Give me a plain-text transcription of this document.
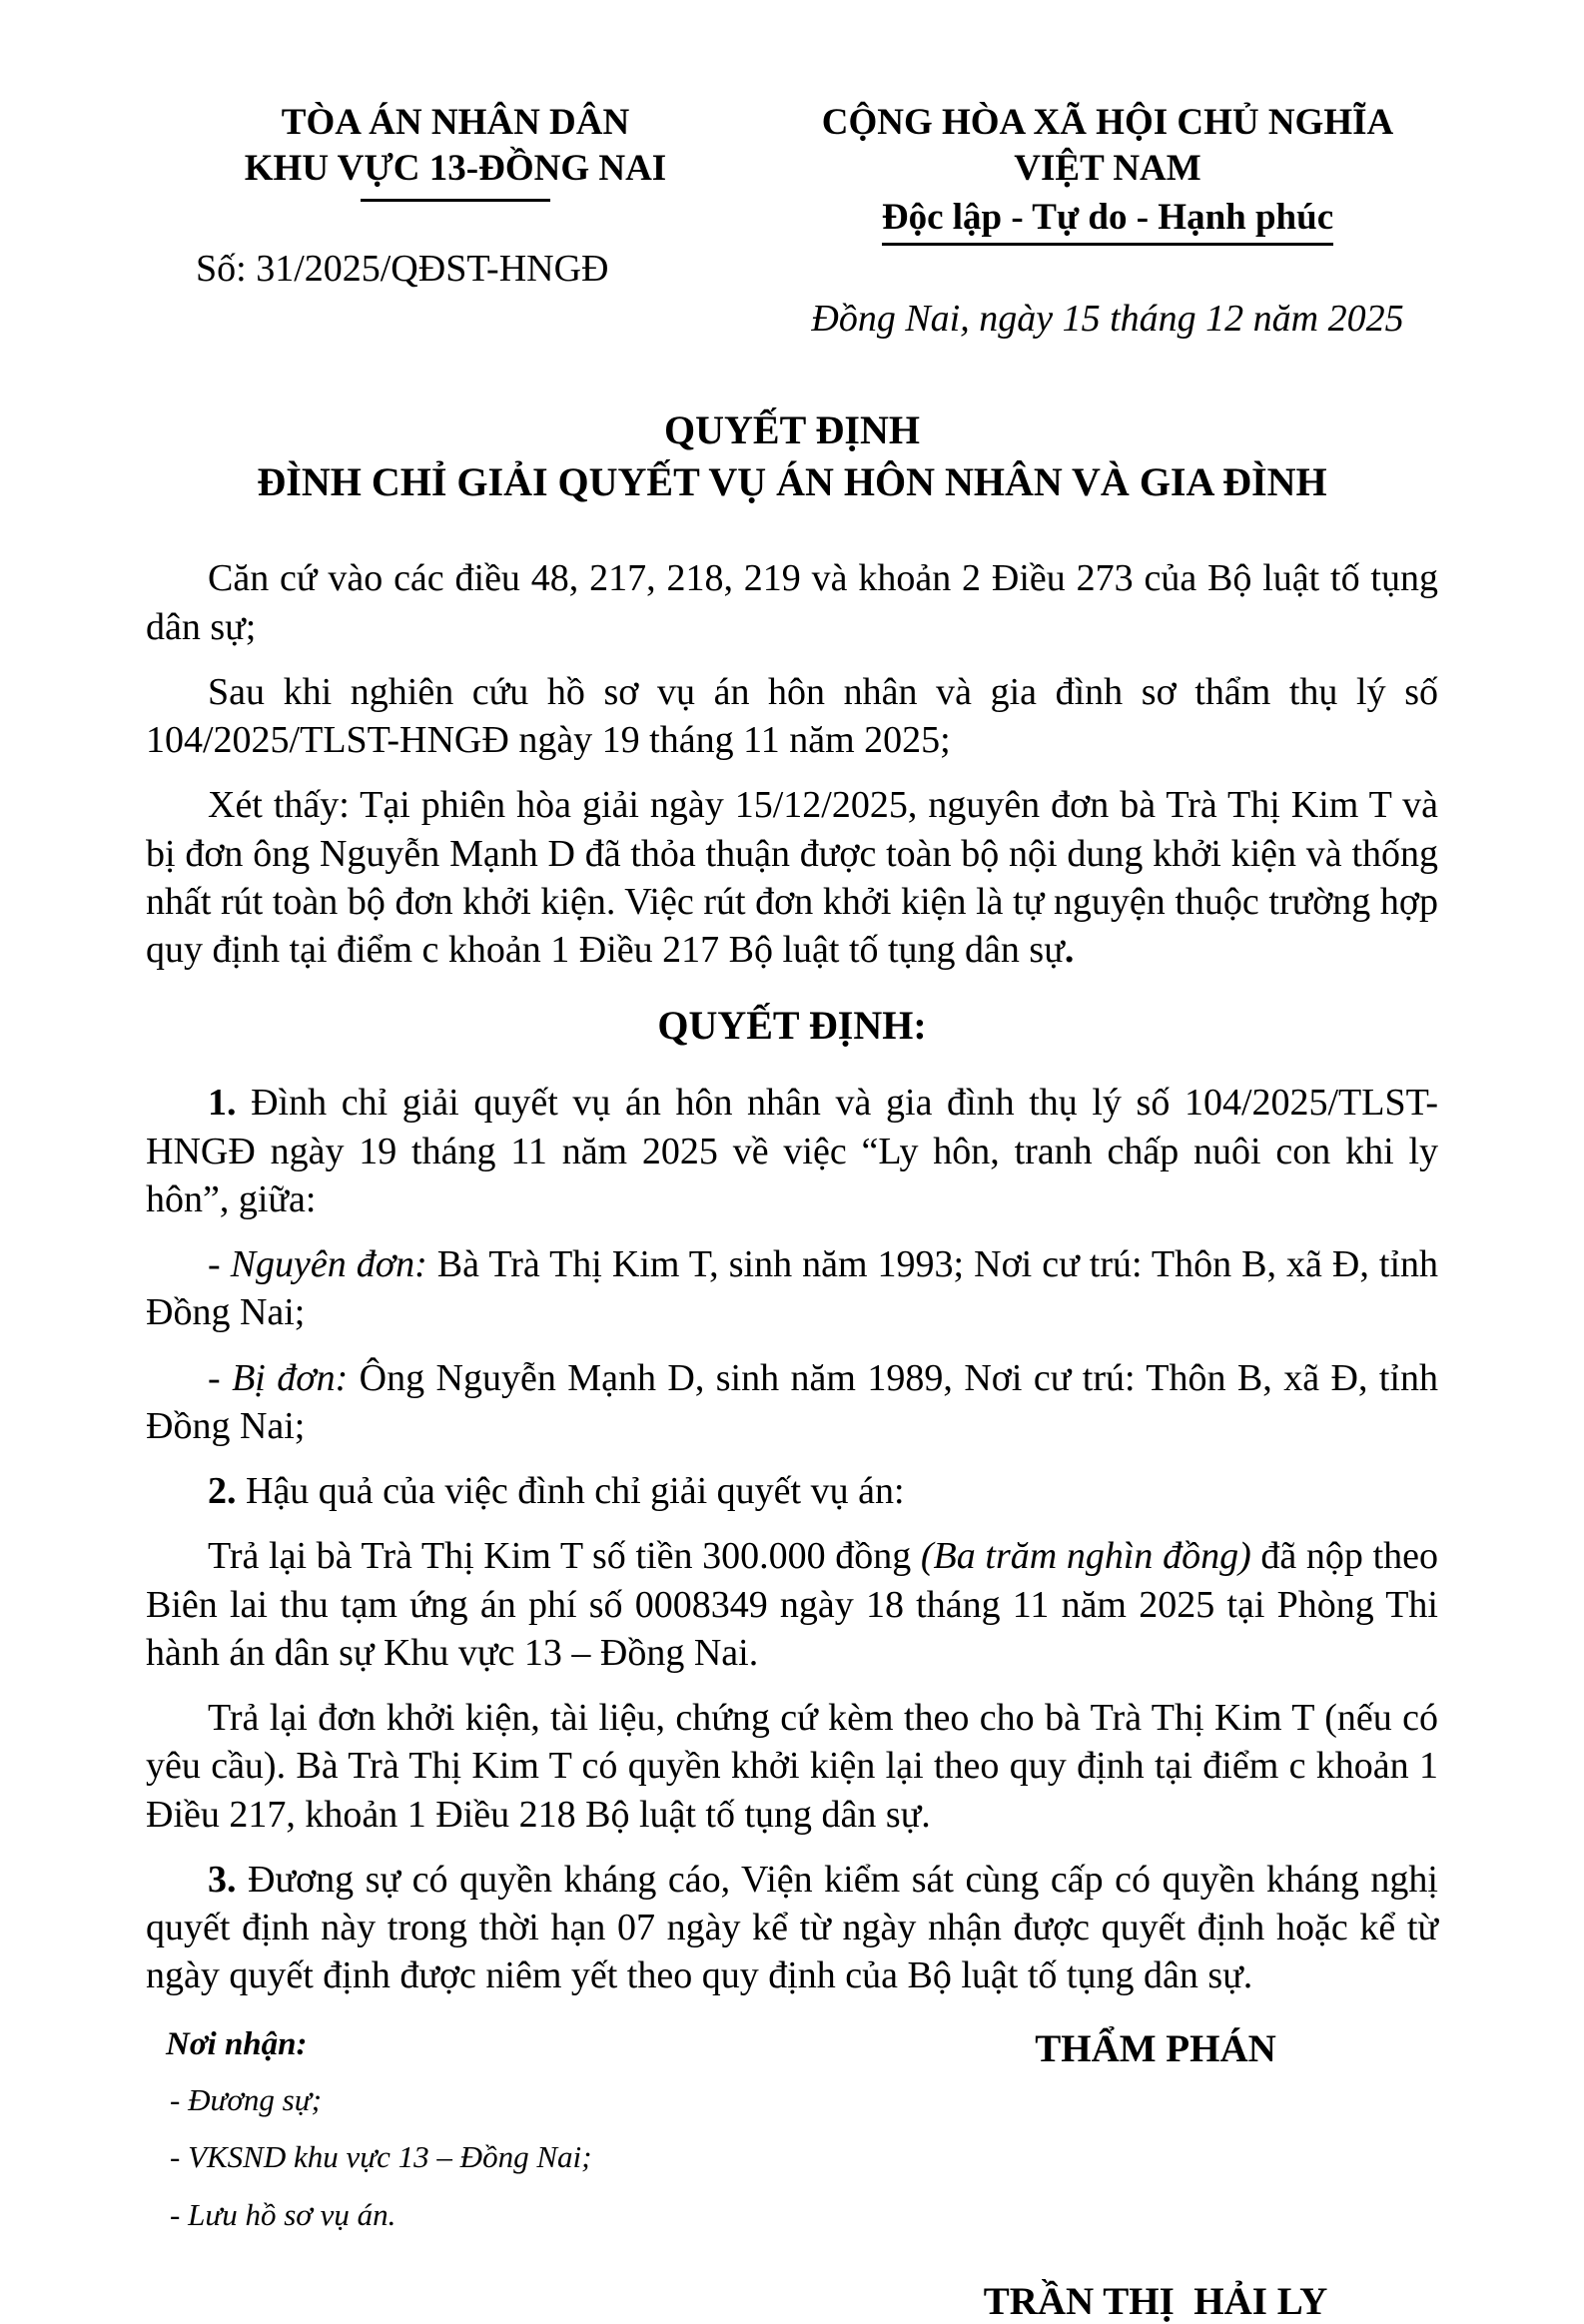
TÒA ÁN NHÂN DÂN
KHU VỰC 13-ĐỒNG NAI
Số: 31/2025/QĐST-HNGĐ
CỘNG HÒA XÃ HỘI CHỦ NGHĨA VIỆT NAM
Độc lập - Tự do - Hạnh phúc
Đồng Nai, ngày 15 tháng 12 năm 2025
QUYẾT ĐỊNH
ĐÌNH CHỈ GIẢI QUYẾT VỤ ÁN HÔN NHÂN VÀ GIA ĐÌNH

Căn cứ vào các điều 48, 217, 218, 219 và khoản 2 Điều 273 của Bộ luật tố tụng dân sự;

Sau khi nghiên cứu hồ sơ vụ án hôn nhân và gia đình sơ thẩm thụ lý số 104/2025/TLST-HNGĐ ngày 19 tháng 11 năm 2025;

Xét thấy: Tại phiên hòa giải ngày 15/12/2025, nguyên đơn bà Trà Thị Kim T và bị đơn ông Nguyễn Mạnh D đã thỏa thuận được toàn bộ nội dung khởi kiện và thống nhất rút toàn bộ đơn khởi kiện. Việc rút đơn khởi kiện là tự nguyện thuộc trường hợp quy định tại điểm c khoản 1 Điều 217 Bộ luật tố tụng dân sự.

QUYẾT ĐỊNH:

1. Đình chỉ giải quyết vụ án hôn nhân và gia đình thụ lý số 104/2025/TLST-HNGĐ ngày 19 tháng 11 năm 2025 về việc “Ly hôn, tranh chấp nuôi con khi ly hôn”, giữa:

- Nguyên đơn: Bà Trà Thị Kim T, sinh năm 1993; Nơi cư trú: Thôn B, xã Đ, tỉnh Đồng Nai;

- Bị đơn: Ông Nguyễn Mạnh D, sinh năm 1989, Nơi cư trú: Thôn B, xã Đ, tỉnh Đồng Nai;

2. Hậu quả của việc đình chỉ giải quyết vụ án:

Trả lại bà Trà Thị Kim T số tiền 300.000 đồng (Ba trăm nghìn đồng) đã nộp theo Biên lai thu tạm ứng án phí số 0008349 ngày 18 tháng 11 năm 2025 tại Phòng Thi hành án dân sự Khu vực 13 – Đồng Nai.

Trả lại đơn khởi kiện, tài liệu, chứng cứ kèm theo cho bà Trà Thị Kim T (nếu có yêu cầu). Bà Trà Thị Kim T có quyền khởi kiện lại theo quy định tại điểm c khoản 1 Điều 217, khoản 1 Điều 218 Bộ luật tố tụng dân sự.

3. Đương sự có quyền kháng cáo, Viện kiểm sát cùng cấp có quyền kháng nghị quyết định này trong thời hạn 07 ngày kể từ ngày nhận được quyết định hoặc kể từ ngày quyết định được niêm yết theo quy định của Bộ luật tố tụng dân sự.

Nơi nhận:
- Đương sự;
- VKSND khu vực 13 – Đồng Nai;
- Lưu hồ sơ vụ án.
THẨM PHÁN
TRẦN THỊ  HẢI LY
